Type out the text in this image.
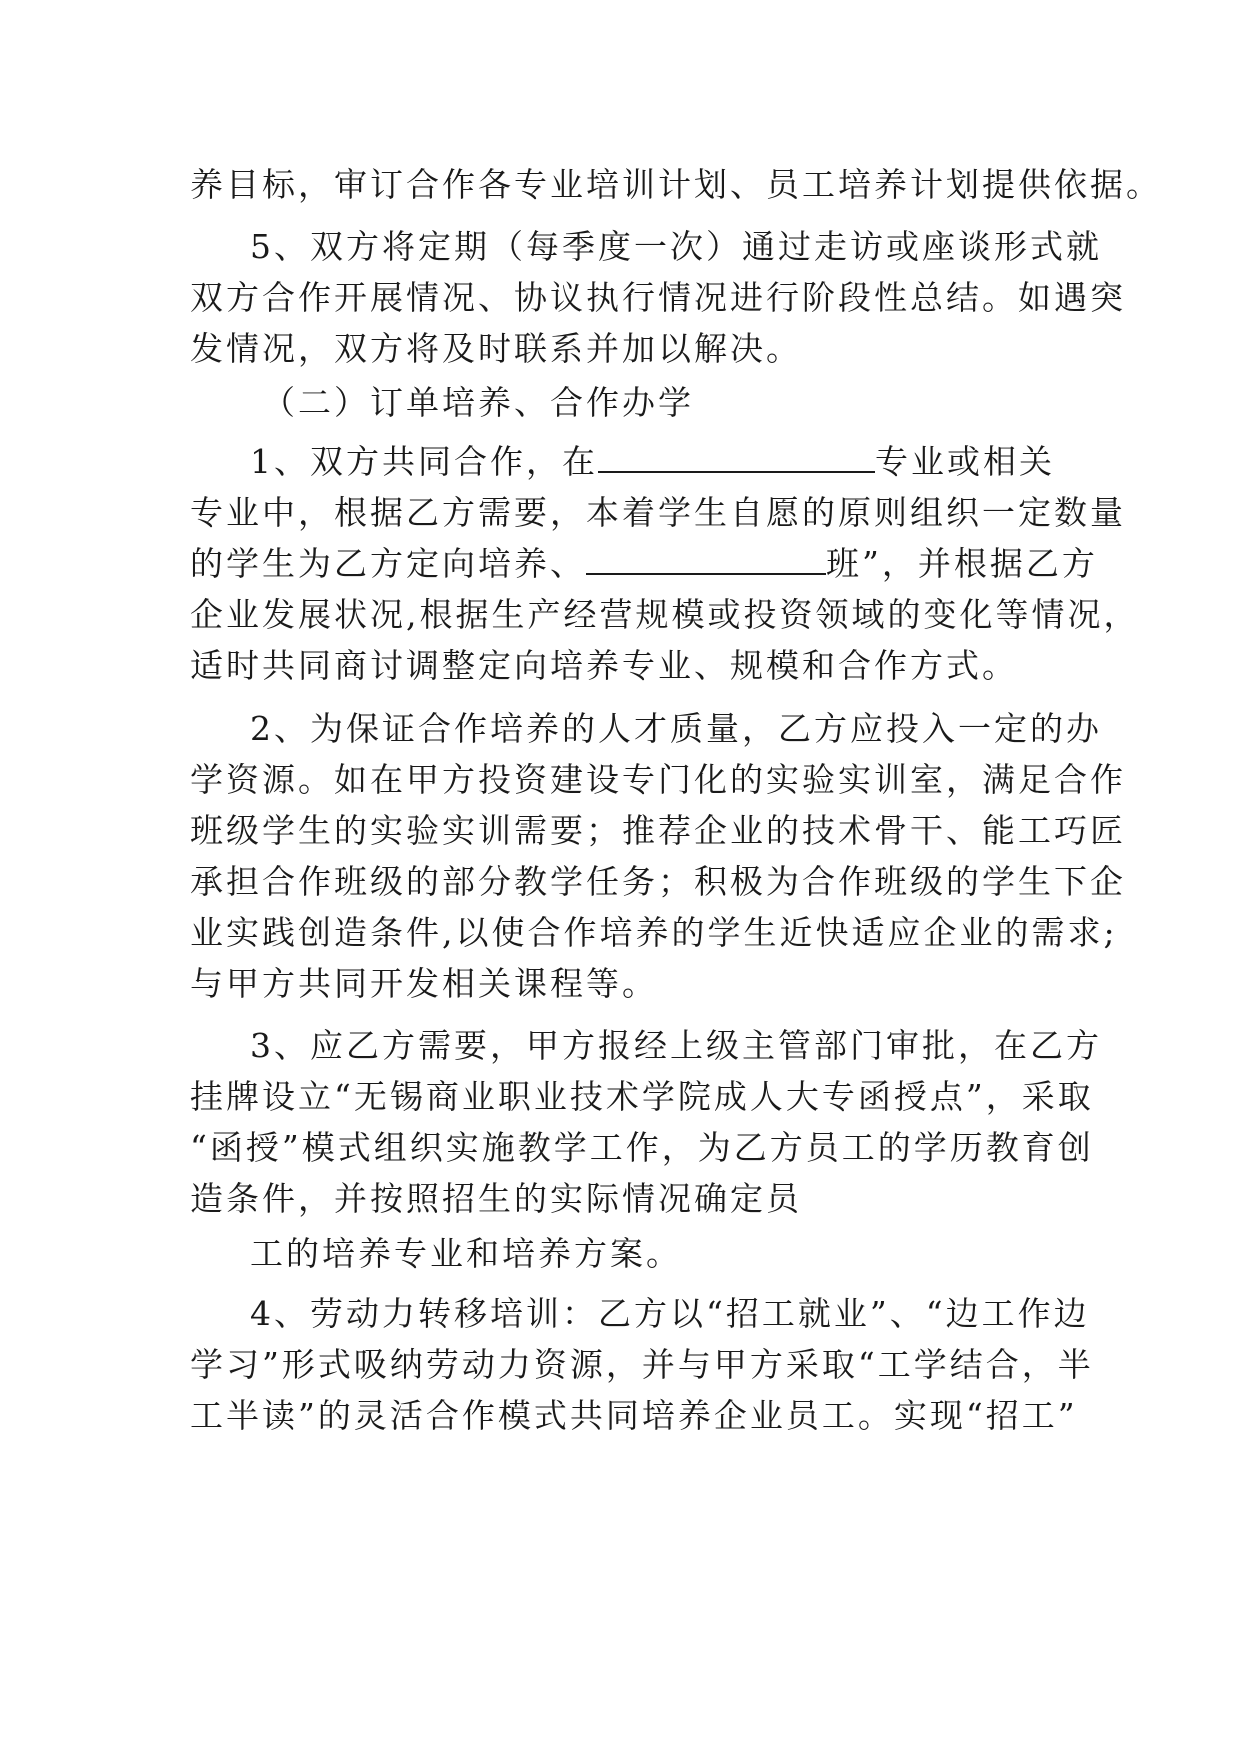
养目标，审订合作各专业培训计划、员工培养计划提供依据。
5、双方将定期（每季度一次）通过走访或座谈形式就
双方合作开展情况、协议执行情况进行阶段性总结。如遇突
发情况，双方将及时联系并加以解决。
（二）订单培养、合作办学
1、双方共同合作，在	专业或相关
专业中，根据乙方需要，本着学生自愿的原则组织一定数量
的学生为乙方定向培养、	班”，并根据乙方
企业发展状况,根据生产经营规模或投资领域的变化等情况，
适时共同商讨调整定向培养专业、规模和合作方式。
2、为保证合作培养的人才质量，乙方应投入一定的办
学资源。如在甲方投资建设专门化的实验实训室，满足合作
班级学生的实验实训需要；推荐企业的技术骨干、能工巧匠
承担合作班级的部分教学任务；积极为合作班级的学生下企
业实践创造条件,以使合作培养的学生近快适应企业的需求;
与甲方共同开发相关课程等。
3、应乙方需要，甲方报经上级主管部门审批，在乙方
挂牌设立“无锡商业职业技术学院成人大专函授点”，采取
“函授”模式组织实施教学工作，为乙方员工的学历教育创
造条件，并按照招生的实际情况确定员
工的培养专业和培养方案。
4、劳动力转移培训：乙方以“招工就业”、“边工作边
学习”形式吸纳劳动力资源，并与甲方采取“工学结合，半
工半读”的灵活合作模式共同培养企业员工。实现“招工”
